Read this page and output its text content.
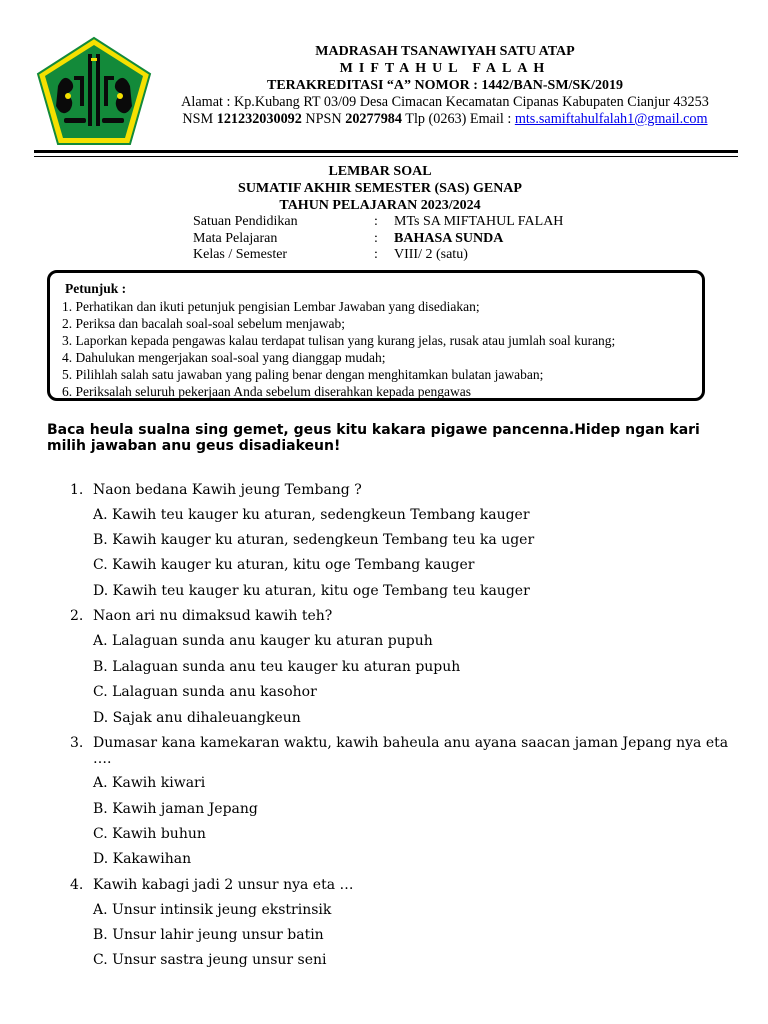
MADRASAH TSANAWIYAH SATU ATAP
MIFTAHUL FALAH
TERAKREDITASI “A” NOMOR : 1442/BAN-SM/SK/2019
Alamat : Kp.Kubang RT 03/09 Desa Cimacan Kecamatan Cipanas Kabupaten Cianjur 43253
NSM 121232030092 NPSN 20277984 Tlp (0263) Email : mts.samiftahulfalah1@gmail.com
LEMBAR SOAL
SUMATIF AKHIR SEMESTER (SAS) GENAP
TAHUN PELAJARAN 2023/2024
Satuan Pendidikan	: MTs SA MIFTAHUL FALAH
Mata Pelajaran	: BAHASA SUNDA
Kelas / Semester	: VIII/ 2 (satu)
Petunjuk :
1. Perhatikan dan ikuti petunjuk pengisian Lembar Jawaban yang disediakan;
2. Periksa dan bacalah soal-soal sebelum menjawab;
3. Laporkan kepada pengawas kalau terdapat tulisan yang kurang jelas, rusak atau jumlah soal kurang;
4. Dahulukan mengerjakan soal-soal yang dianggap mudah;
5. Pilihlah salah satu jawaban yang paling benar dengan menghitamkan bulatan jawaban;
6. Periksalah seluruh pekerjaan Anda sebelum diserahkan kepada pengawas
Baca heula sualna sing gemet, geus kitu kakara pigawe pancenna.Hidep ngan kari milih jawaban anu geus disadiakeun!
1. Naon bedana Kawih jeung Tembang ?
A. Kawih teu kauger ku aturan, sedengkeun Tembang kauger
B. Kawih kauger ku aturan, sedengkeun Tembang teu ka uger
C. Kawih kauger ku aturan, kitu oge Tembang kauger
D. Kawih teu kauger ku aturan, kitu oge Tembang teu kauger
2. Naon ari nu dimaksud kawih teh?
A. Lalaguan sunda anu kauger ku aturan pupuh
B. Lalaguan sunda anu teu kauger ku aturan pupuh
C. Lalaguan sunda anu kasohor
D. Sajak anu dihaleuangkeun
3. Dumasar kana kamekaran waktu, kawih baheula anu ayana saacan jaman Jepang nya eta ….
A. Kawih kiwari
B. Kawih jaman Jepang
C. Kawih buhun
D. Kakawihan
4. Kawih kabagi jadi 2 unsur nya eta …
A. Unsur intinsik jeung ekstrinsik
B. Unsur lahir jeung unsur batin
C. Unsur sastra jeung unsur seni
